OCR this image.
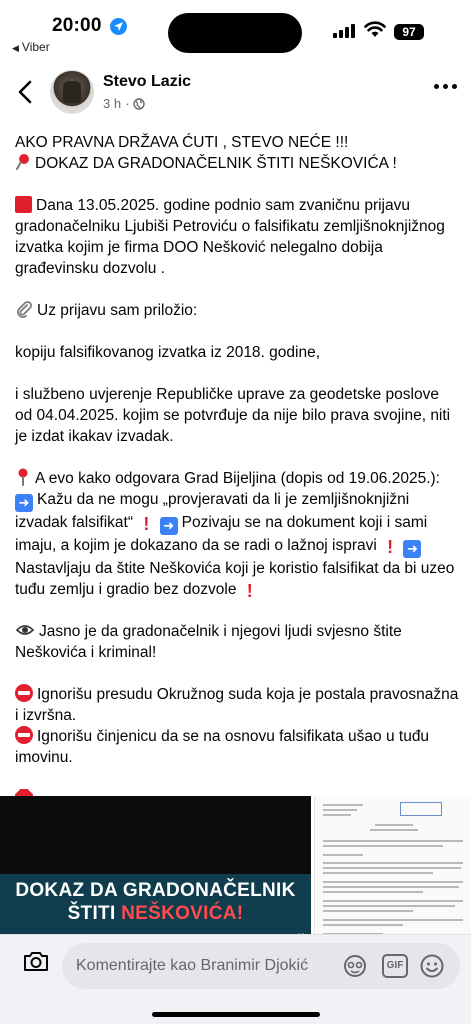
20:00
◀ Viber
97
Stevo Lazic
3 h ·

AKO PRAVNA DRŽAVA ĆUTI , STEVO NEĆE !!!

DOKAZ DA GRADONAČELNIK ŠTITI NEŠKOVIĆA !

Dana 13.05.2025. godine podnio sam zvaničnu prijavu gradonačelniku Ljubiši Petroviću o falsifikatu zemljišnoknjižnog izvatka kojim je firma DOO Nešković nelegalno dobija građevinsku dozvolu .

Uz prijavu sam priložio:

kopiju falsifikovanog izvatka iz 2018. godine,

i službeno uvjerenje Republičke uprave za geodetske poslove od 04.04.2025. kojim se potvrđuje da nije bilo prava svojine, niti je izdat ikakav izvadak.

A evo kako odgovara Grad Bijeljina (dopis od 19.06.2025.): ➜ Kažu da ne mogu „provjeravati da li je zemljišnoknjižni izvadak falsifikat“ ! ➜ Pozivaju se na dokument koji i sami imaju, a kojim je dokazano da se radi o lažnoj ispravi ! ➜Nastavljaju da štite Neškovića koji je koristio falsifikat da bi uzeo tuđu zemlju i gradio bez dozvole !

Jasno je da gradonačelnik i njegovi ljudi svjesno štite Neškovića i kriminal!

Ignorišu presudu Okružnog suda koja je postala pravosnažna i izvršna.

Ignorišu činjenicu da se na osnovu falsifikata ušao u tuđu imovinu.

DOKAZ DA GRADONAČELNIK
ŠTITI NEŠKOVIĆA!
Komentirajte kao Branimir Djokić	GIF
